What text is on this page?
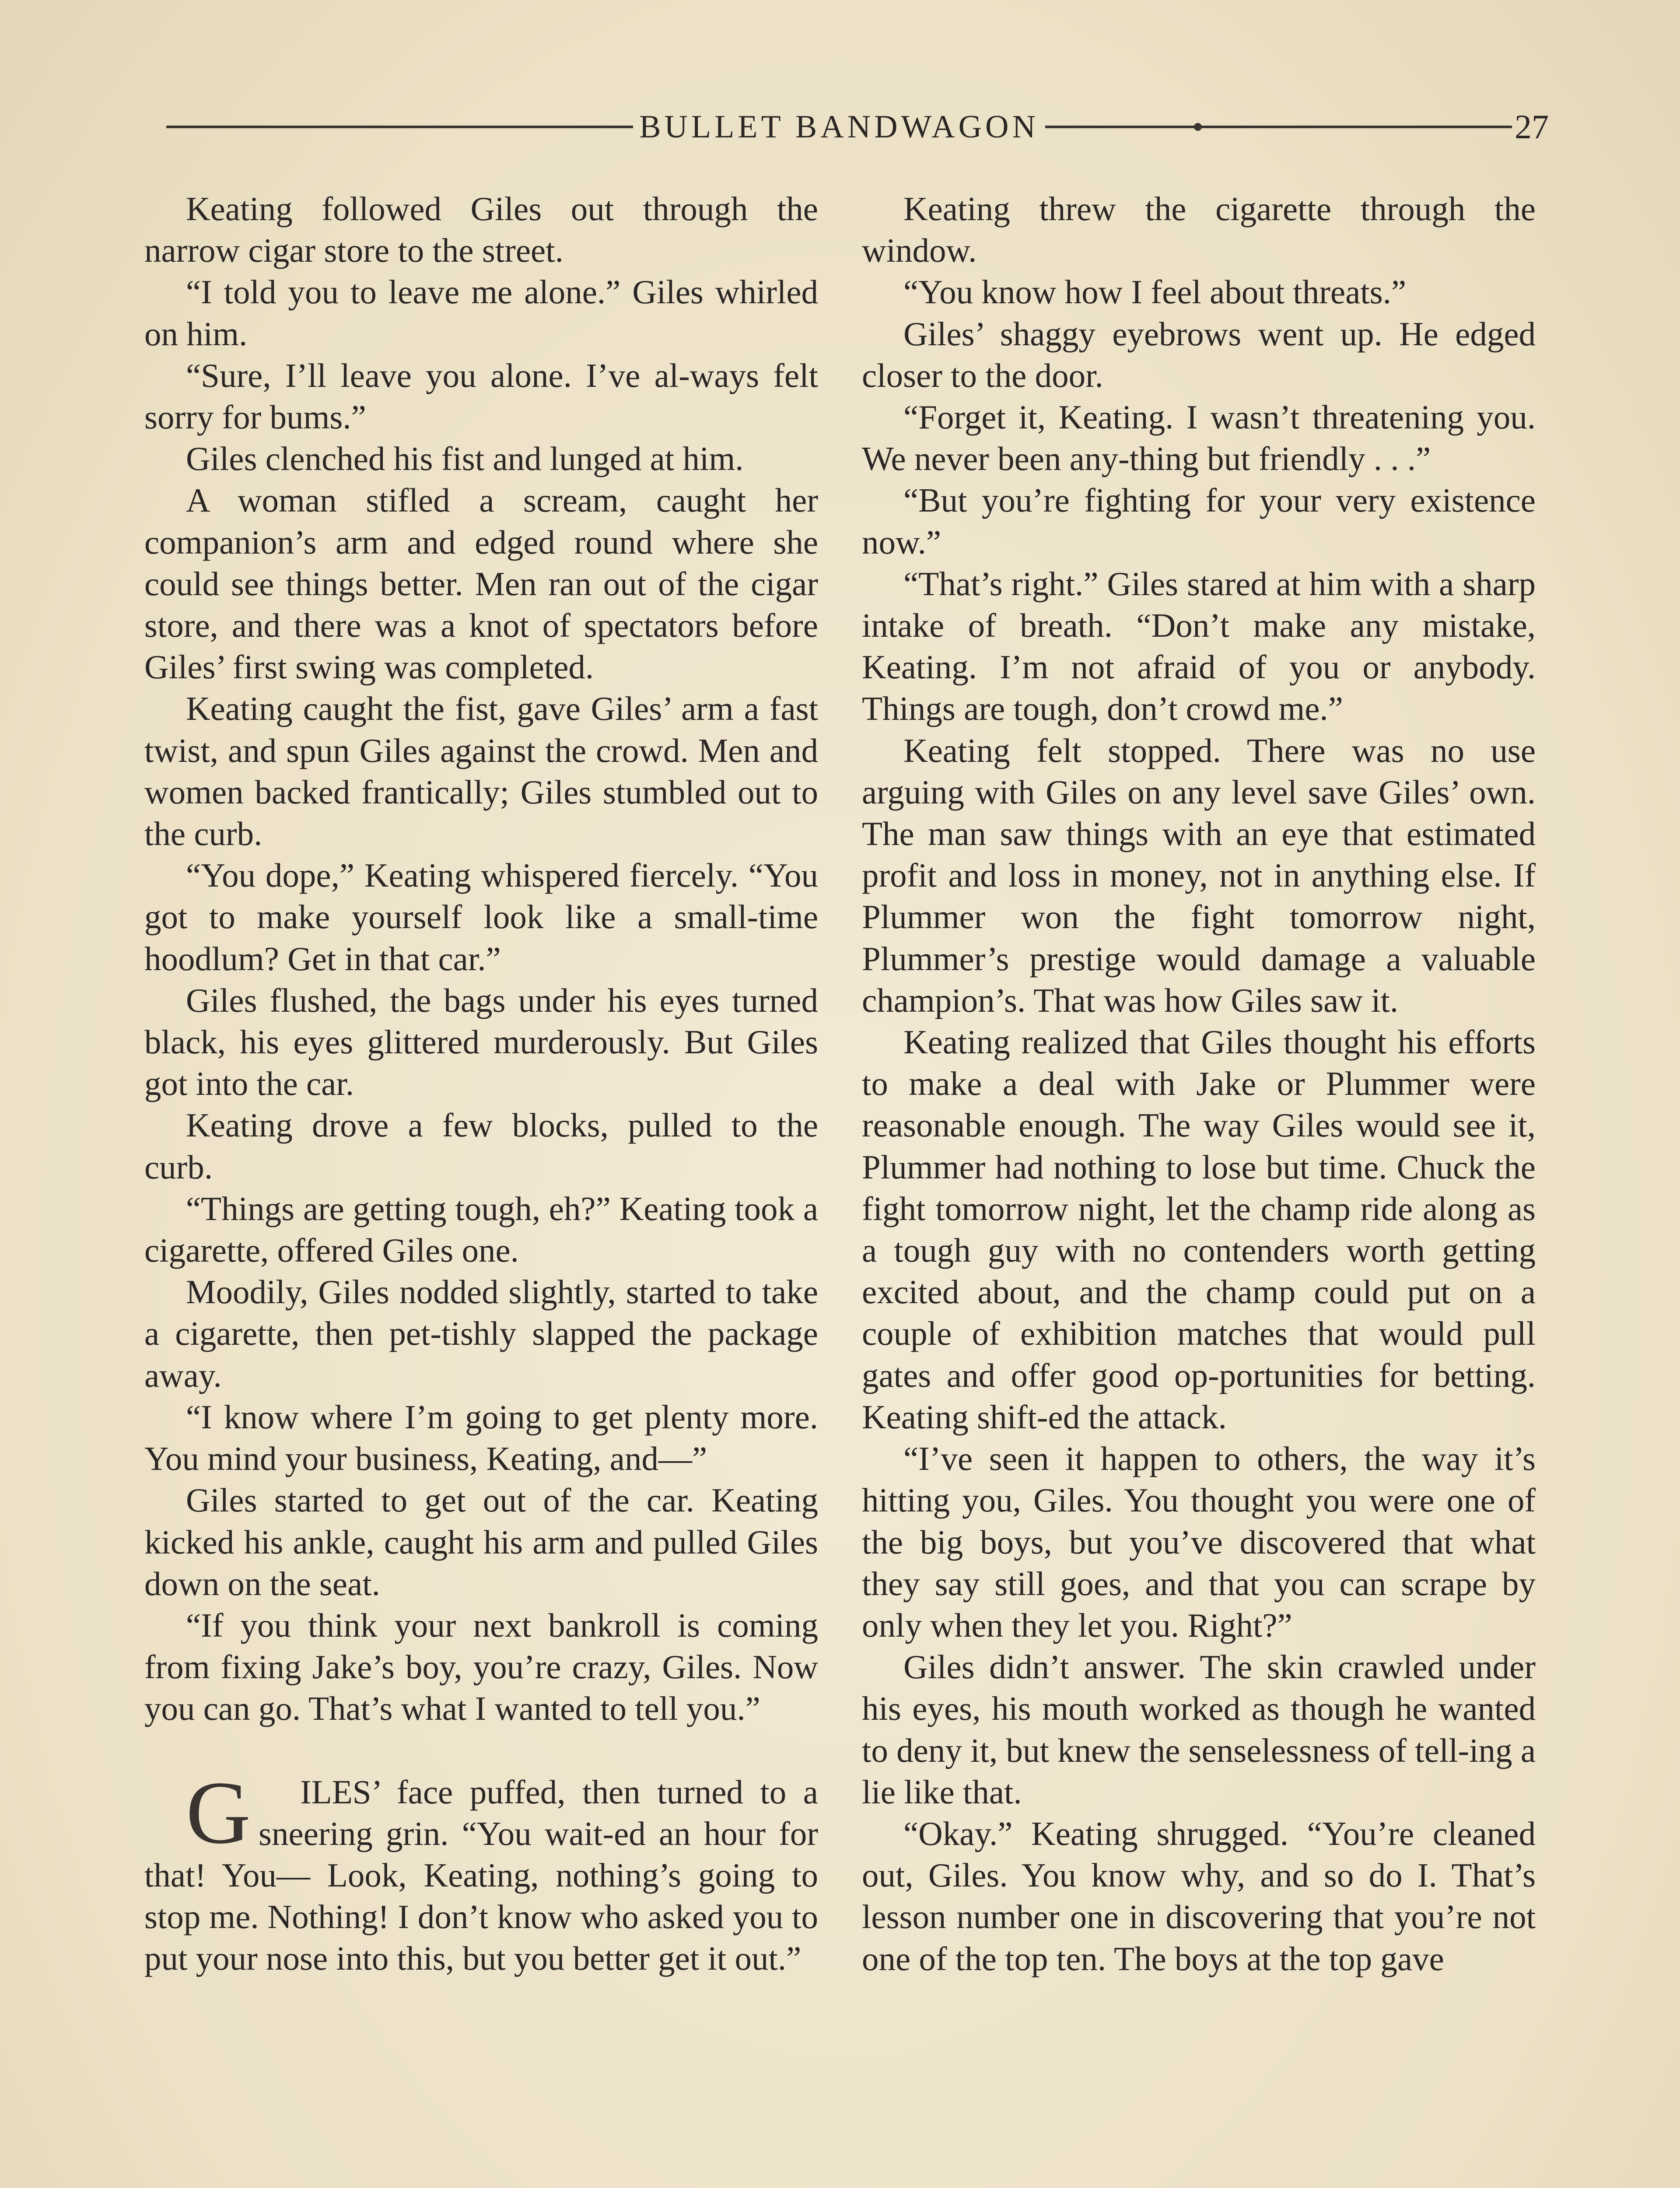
BULLET BANDWAGON	27

Keating followed Giles out through the narrow cigar store to the street.

“I told you to leave me alone.” Giles whirled on him.

“Sure, I’ll leave you alone. I’ve al-ways felt sorry for bums.”

Giles clenched his fist and lunged at him.

A woman stifled a scream, caught her companion’s arm and edged round where she could see things better. Men ran out of the cigar store, and there was a knot of spectators before Giles’ first swing was completed.

Keating caught the fist, gave Giles’ arm a fast twist, and spun Giles against the crowd. Men and women backed frantically; Giles stumbled out to the curb.

“You dope,” Keating whispered fiercely. “You got to make yourself look like a small-time hoodlum? Get in that car.”

Giles flushed, the bags under his eyes turned black, his eyes glittered murderously. But Giles got into the car.

Keating drove a few blocks, pulled to the curb.

“Things are getting tough, eh?” Keating took a cigarette, offered Giles one.

Moodily, Giles nodded slightly, started to take a cigarette, then pet-tishly slapped the package away.

“I know where I’m going to get plenty more. You mind your business, Keating, and—”

Giles started to get out of the car. Keating kicked his ankle, caught his arm and pulled Giles down on the seat.

“If you think your next bankroll is coming from fixing Jake’s boy, you’re crazy, Giles. Now you can go. That’s what I wanted to tell you.”

G ILES’ face puffed, then turned to a sneering grin. “You wait-ed an hour for that! You— Look, Keating, nothing’s going to stop me. Nothing! I don’t know who asked you to put your nose into this, but you better get it out.”

Keating threw the cigarette through the window.

“You know how I feel about threats.”

Giles’ shaggy eyebrows went up. He edged closer to the door.

“Forget it, Keating. I wasn’t threatening you. We never been any-thing but friendly . . .”

“But you’re fighting for your very existence now.”

“That’s right.” Giles stared at him with a sharp intake of breath. “Don’t make any mistake, Keating. I’m not afraid of you or anybody. Things are tough, don’t crowd me.”

Keating felt stopped. There was no use arguing with Giles on any level save Giles’ own. The man saw things with an eye that estimated profit and loss in money, not in anything else. If Plummer won the fight tomorrow night, Plummer’s prestige would damage a valuable champion’s. That was how Giles saw it.

Keating realized that Giles thought his efforts to make a deal with Jake or Plummer were reasonable enough. The way Giles would see it, Plummer had nothing to lose but time. Chuck the fight tomorrow night, let the champ ride along as a tough guy with no contenders worth getting excited about, and the champ could put on a couple of exhibition matches that would pull gates and offer good op-portunities for betting. Keating shift-ed the attack.

“I’ve seen it happen to others, the way it’s hitting you, Giles. You thought you were one of the big boys, but you’ve discovered that what they say still goes, and that you can scrape by only when they let you. Right?”

Giles didn’t answer. The skin crawled under his eyes, his mouth worked as though he wanted to deny it, but knew the senselessness of tell-ing a lie like that.

“Okay.” Keating shrugged. “You’re cleaned out, Giles. You know why, and so do I. That’s lesson number one in discovering that you’re not one of the top ten. The boys at the top gave
